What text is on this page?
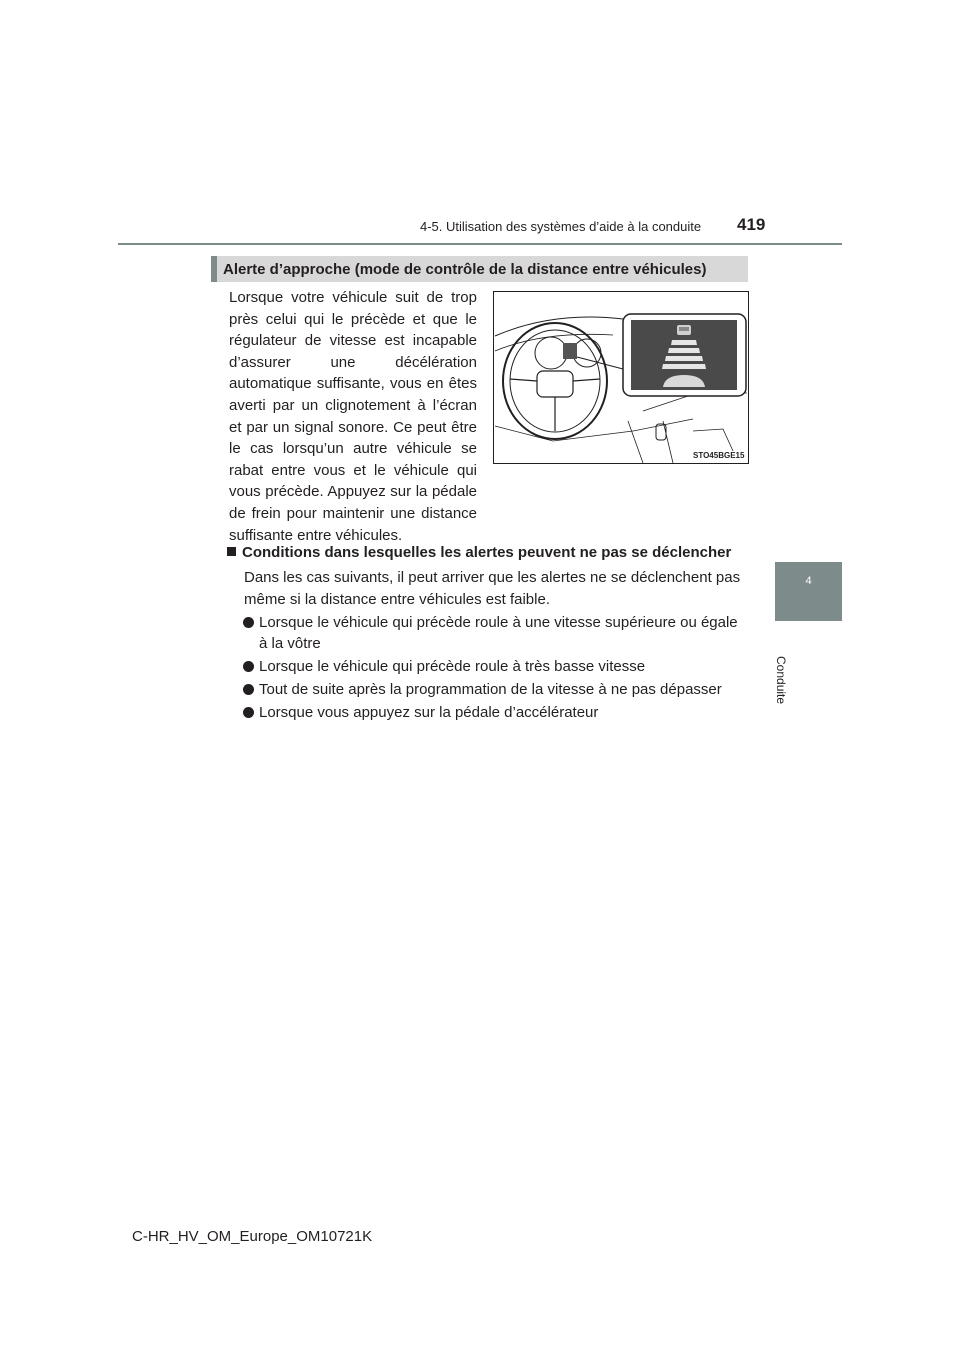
4-5. Utilisation des systèmes d’aide à la conduite 419
4
Conduite
Alerte d’approche (mode de contrôle de la distance entre véhicules)
Lorsque votre véhicule suit de trop près celui qui le précède et que le régulateur de vitesse est incapable d’assurer une décélération automatique suffisante, vous en êtes averti par un clignotement à l’écran et par un signal sonore. Ce peut être le cas lorsqu’un autre véhicule se rabat entre vous et le véhicule qui vous précède. Appuyez sur la pédale de frein pour maintenir une distance suffisante entre véhicules.
STO45BGE15
Conditions dans lesquelles les alertes peuvent ne pas se déclencher
Dans les cas suivants, il peut arriver que les alertes ne se déclenchent pas même si la distance entre véhicules est faible.
Lorsque le véhicule qui précède roule à une vitesse supérieure ou égale à la vôtre
Lorsque le véhicule qui précède roule à très basse vitesse
Tout de suite après la programmation de la vitesse à ne pas dépasser
Lorsque vous appuyez sur la pédale d’accélérateur
C-HR_HV_OM_Europe_OM10721K
